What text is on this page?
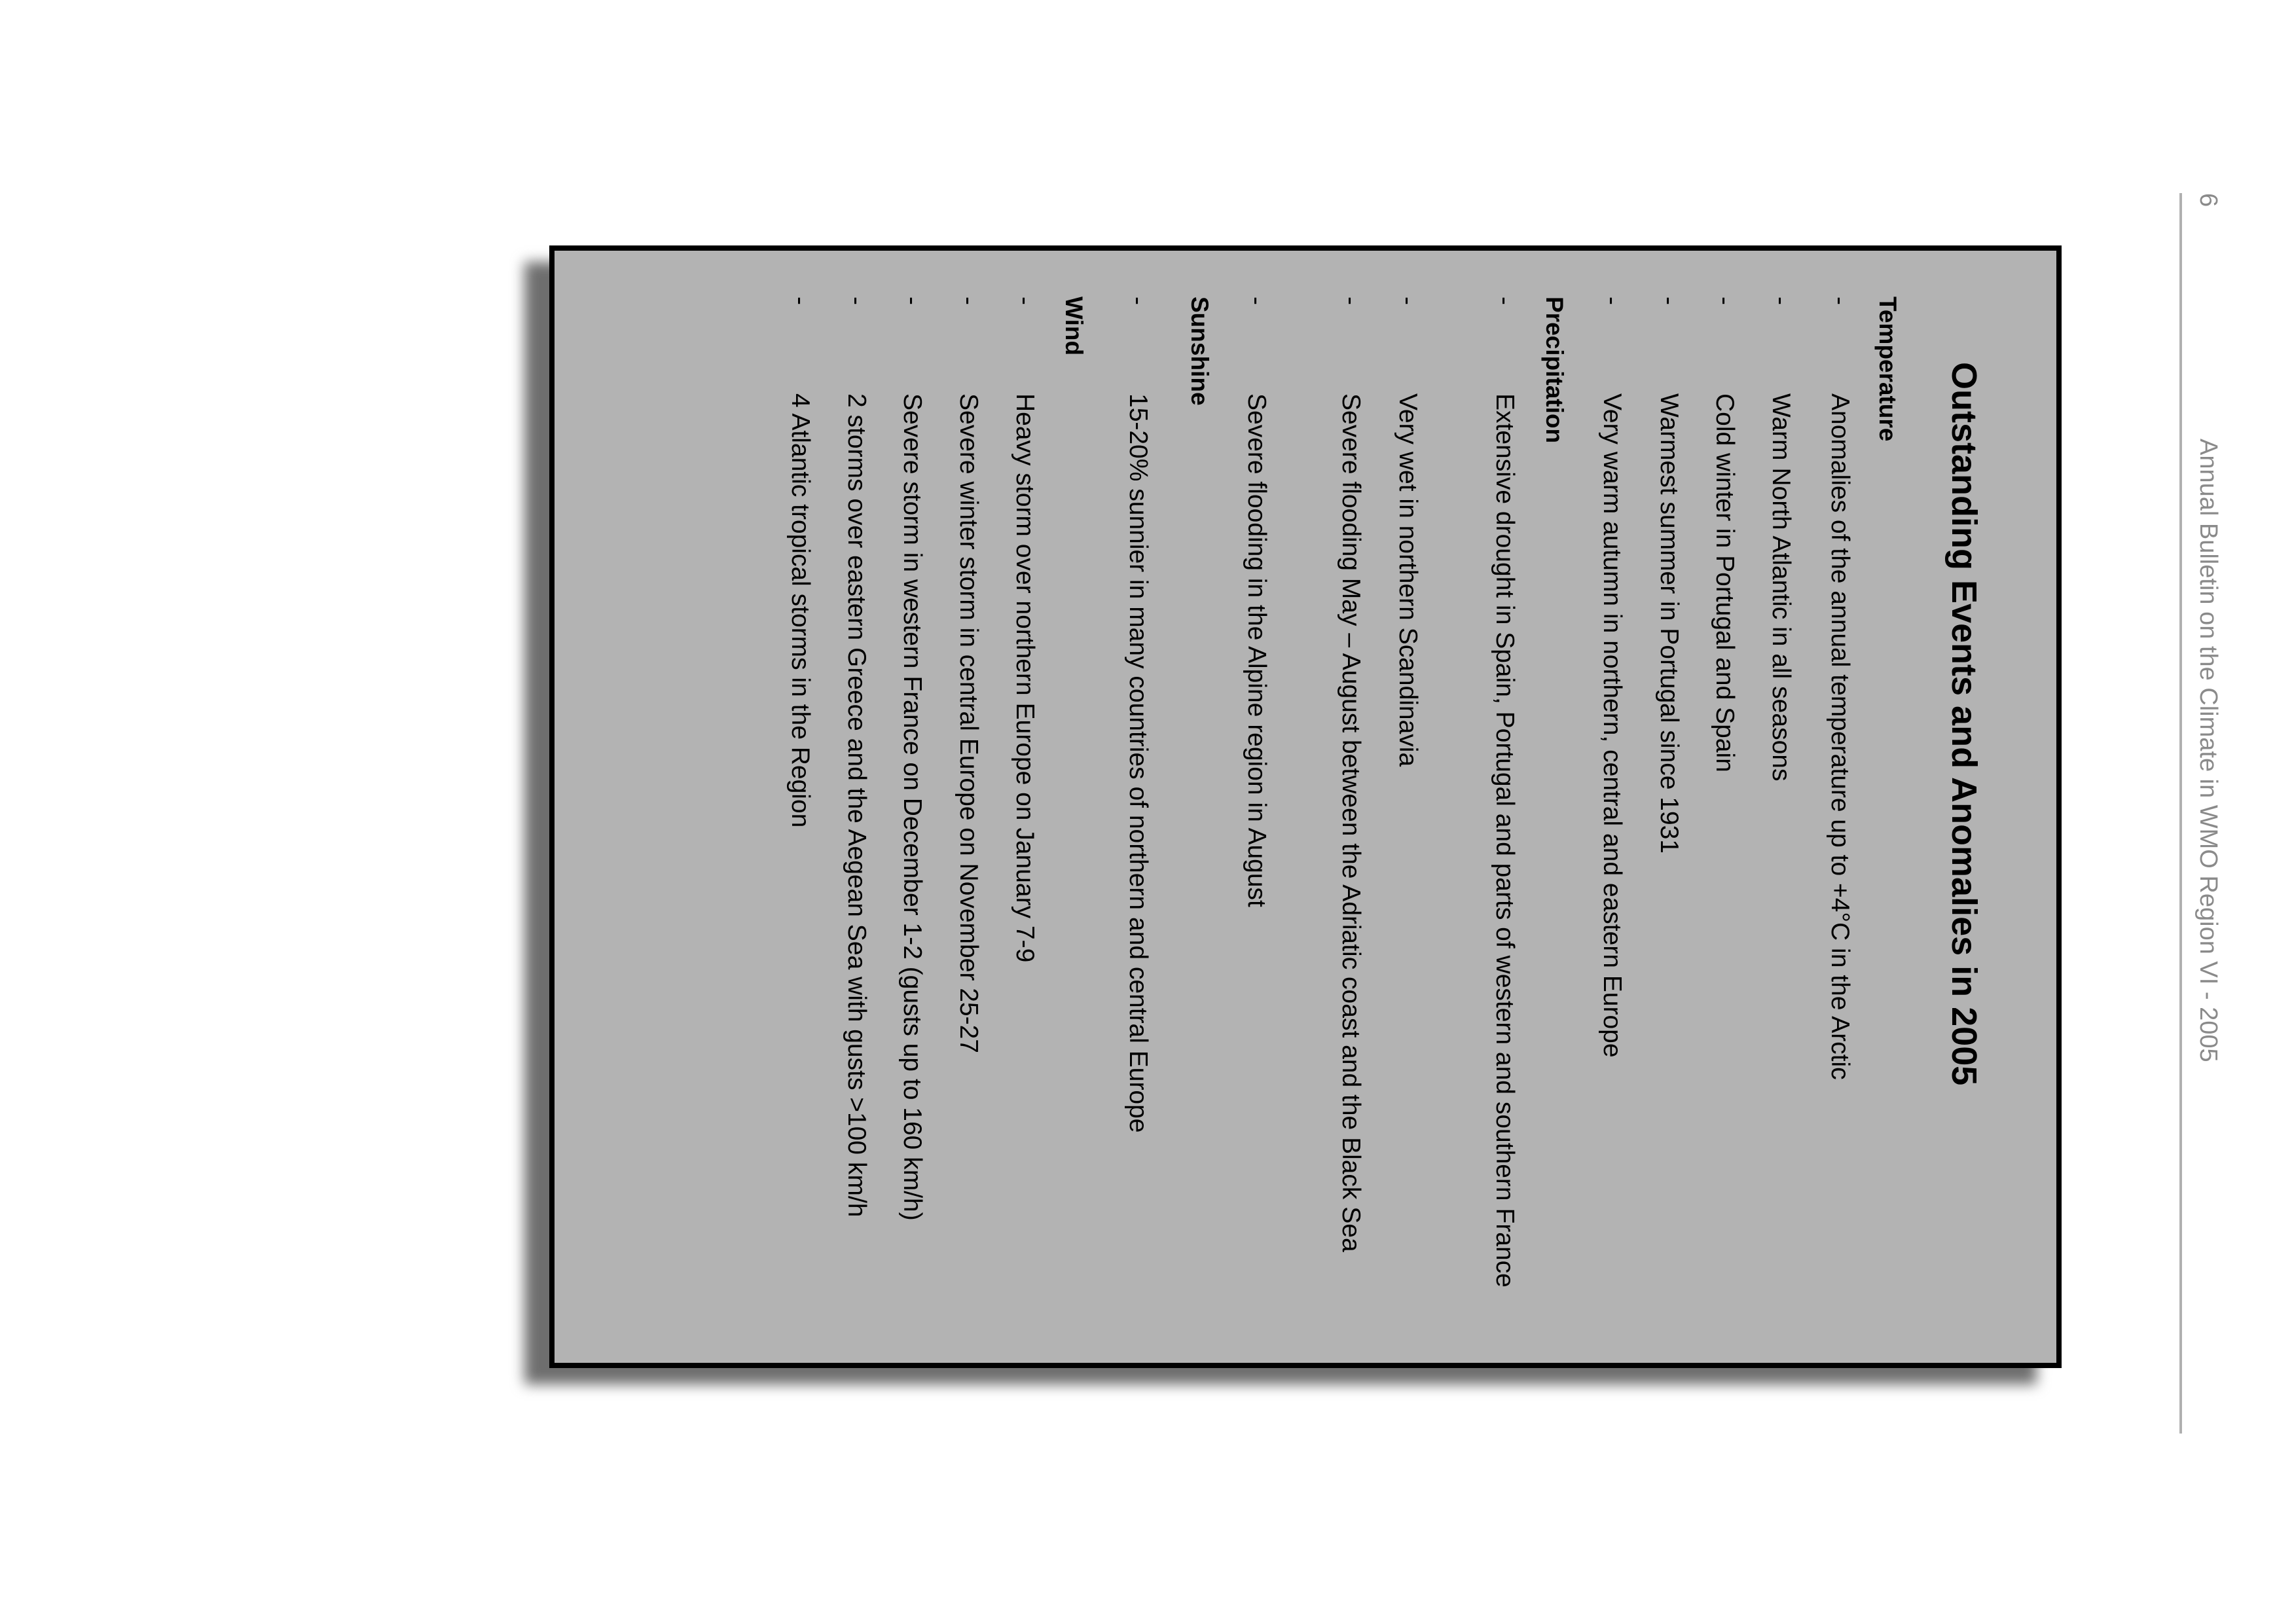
6
Annual Bulletin on the Climate in WMO Region VI - 2005
Outstanding Events and Anomalies in 2005
Temperature
-
Anomalies of the annual temperature up to +4°C in the Arctic
-
Warm North Atlantic in all seasons
-
Cold winter in Portugal and Spain
-
Warmest summer in Portugal since 1931
-
Very warm autumn in northern, central and eastern Europe
Precipitation
-
Extensive drought in Spain, Portugal and parts of western and southern France
-
Very wet in northern Scandinavia
-
Severe flooding May – August between the Adriatic coast and the Black Sea
-
Severe flooding in the Alpine region in August
Sunshine
-
15-20% sunnier in many countries of northern and central Europe
Wind
-
Heavy storm over northern Europe on January 7-9
-
Severe winter storm in central Europe on November 25-27
-
Severe storm in western France on December 1-2 (gusts up to 160 km/h)
-
2 storms over eastern Greece and the Aegean Sea with gusts >100 km/h
-
4 Atlantic tropical storms in the Region
